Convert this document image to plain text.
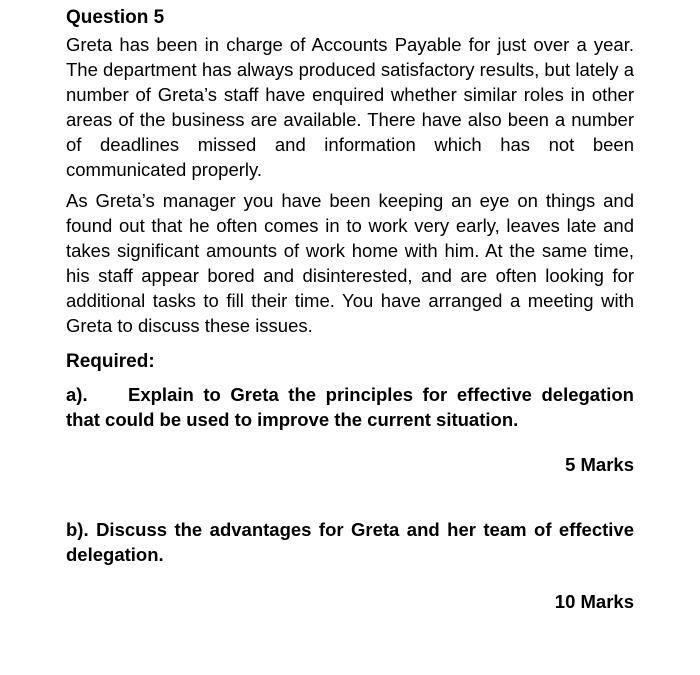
Question 5

Greta has been in charge of Accounts Payable for just over a year. The department has always produced satisfactory results, but lately a number of Greta’s staff have enquired whether similar roles in other areas of the business are available. There have also been a number of deadlines missed and information which has not been communicated properly.

As Greta’s manager you have been keeping an eye on things and found out that he often comes in to work very early, leaves late and takes significant amounts of work home with him. At the same time, his staff appear bored and disinterested, and are often looking for additional tasks to fill their time. You have arranged a meeting with Greta to discuss these issues.

Required:

a). Explain to Greta the principles for effective delegation that could be used to improve the current situation.

5 Marks

b). Discuss the advantages for Greta and her team of effective delegation.

10 Marks
